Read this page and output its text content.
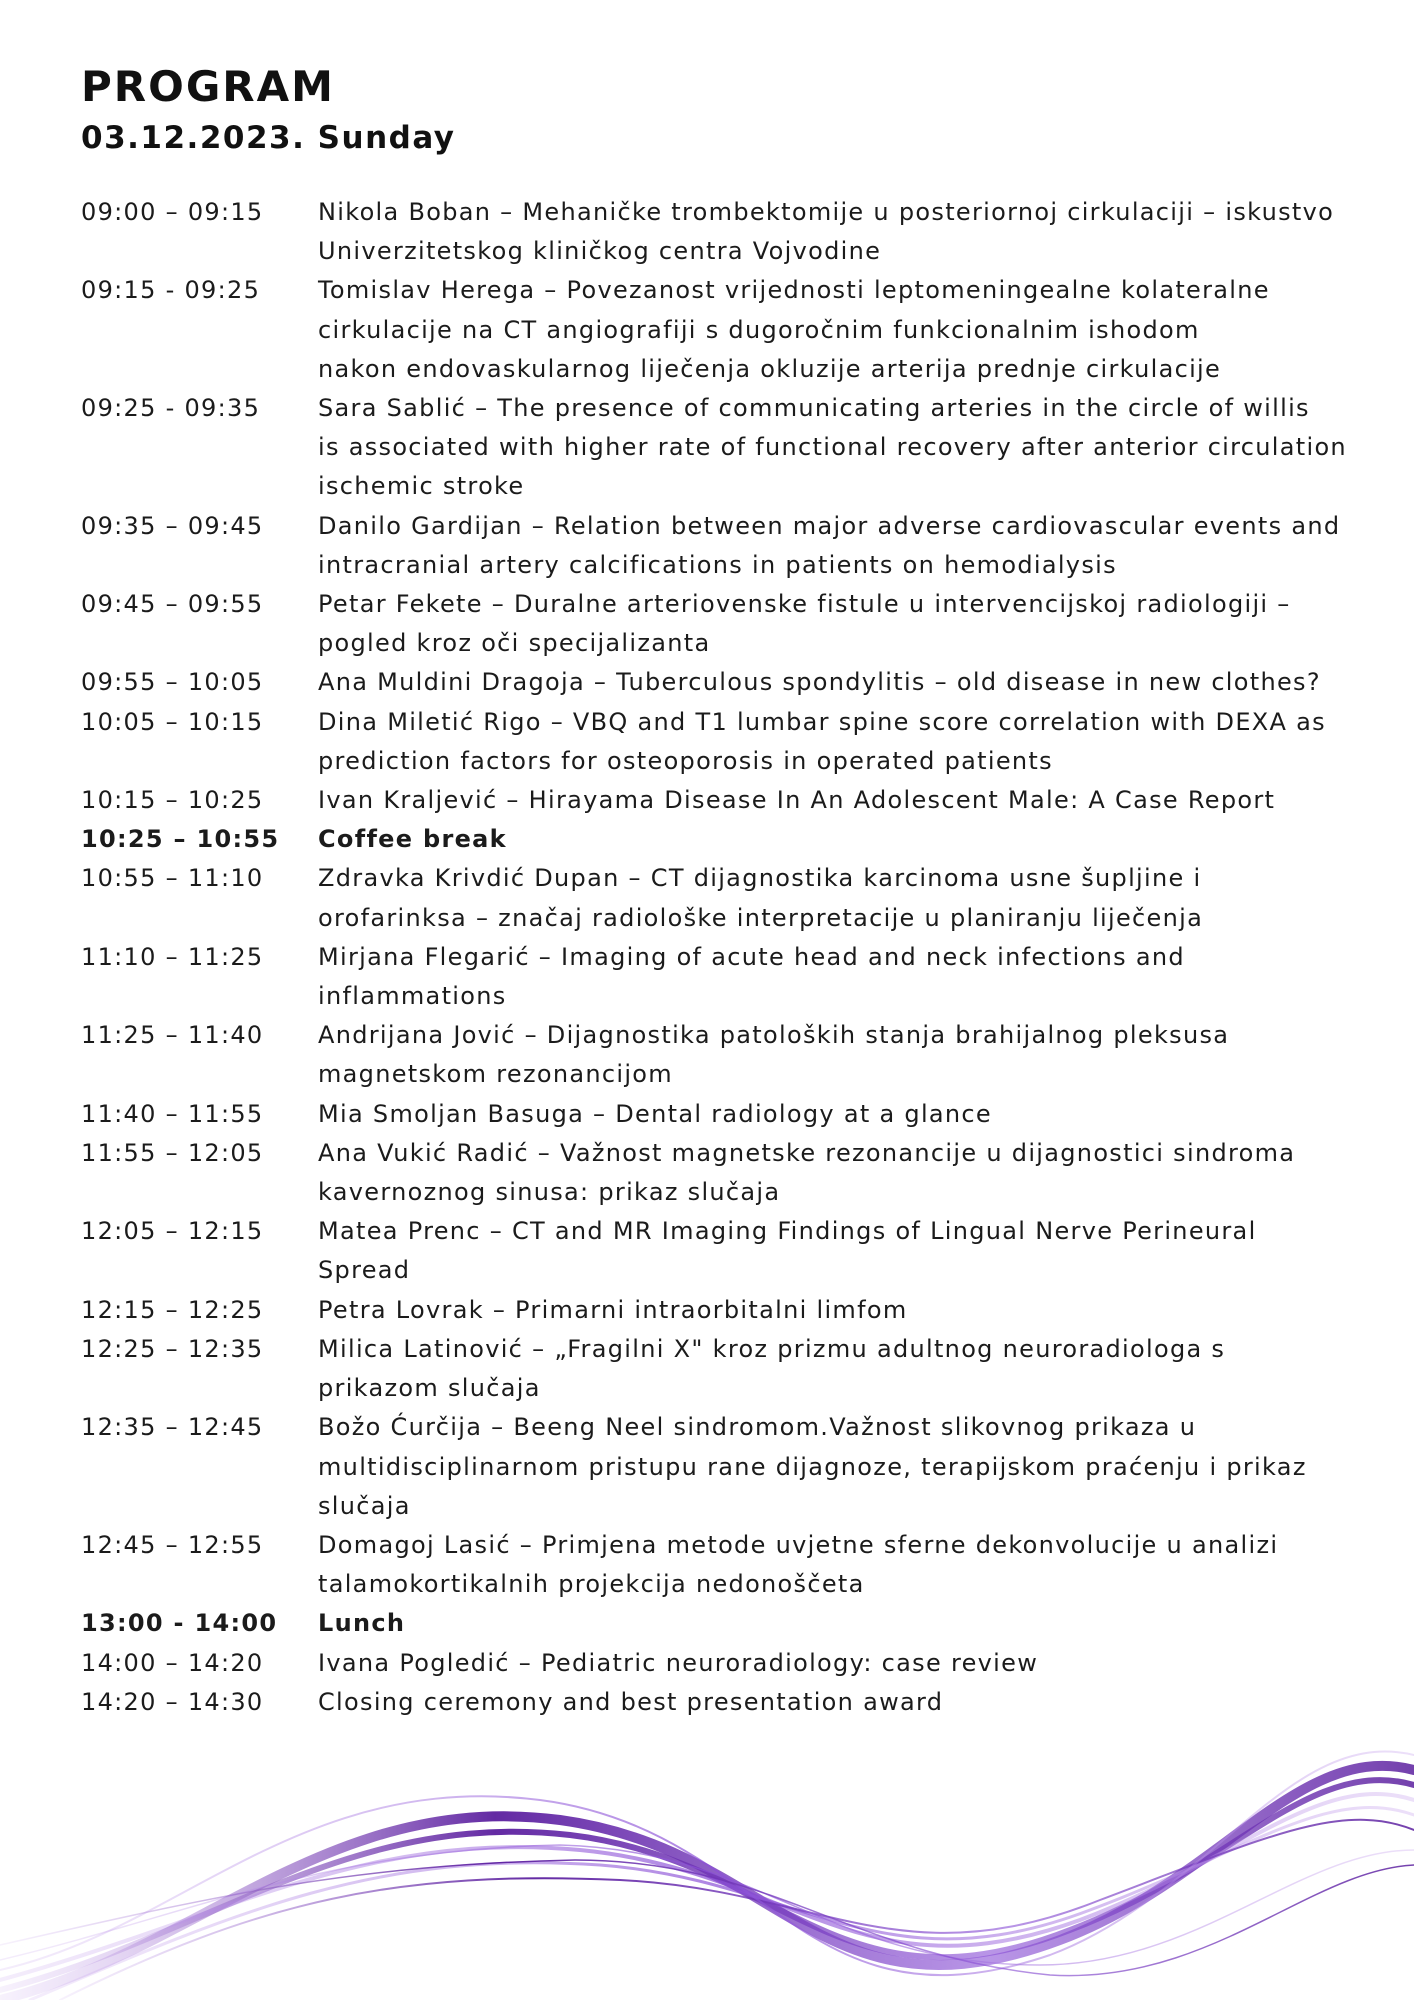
PROGRAM
03.12.2023. Sunday
09:00 – 09:15	Nikola Boban – Mehaničke trombektomije u posteriornoj cirkulaciji – iskustvo
Univerzitetskog kliničkog centra Vojvodine
09:15 - 09:25	Tomislav Herega – Povezanost vrijednosti leptomeningealne kolateralne
cirkulacije na CT angiografiji s dugoročnim funkcionalnim ishodom
nakon endovaskularnog liječenja okluzije arterija prednje cirkulacije
09:25 - 09:35	Sara Sablić – The presence of communicating arteries in the circle of willis
is associated with higher rate of functional recovery after anterior circulation
ischemic stroke
09:35 – 09:45	Danilo Gardijan – Relation between major adverse cardiovascular events and
intracranial artery calcifications in patients on hemodialysis
09:45 – 09:55	Petar Fekete – Duralne arteriovenske fistule u intervencijskoj radiologiji –
pogled kroz oči specijalizanta
09:55 – 10:05	Ana Muldini Dragoja – Tuberculous spondylitis – old disease in new clothes?
10:05 – 10:15	Dina Miletić Rigo – VBQ and T1 lumbar spine score correlation with DEXA as
prediction factors for osteoporosis in operated patients
10:15 – 10:25	Ivan Kraljević – Hirayama Disease In An Adolescent Male: A Case Report
10:25 – 10:55	Coffee break
10:55 – 11:10	Zdravka Krivdić Dupan – CT dijagnostika karcinoma usne šupljine i
orofarinksa – značaj radiološke interpretacije u planiranju liječenja
11:10 – 11:25	Mirjana Flegarić – Imaging of acute head and neck infections and
inflammations
11:25 – 11:40	Andrijana Jović – Dijagnostika patoloških stanja brahijalnog pleksusa
magnetskom rezonancijom
11:40 – 11:55	Mia Smoljan Basuga – Dental radiology at a glance
11:55 – 12:05	Ana Vukić Radić – Važnost magnetske rezonancije u dijagnostici sindroma
kavernoznog sinusa: prikaz slučaja
12:05 – 12:15	Matea Prenc – CT and MR Imaging Findings of Lingual Nerve Perineural
Spread
12:15 – 12:25	Petra Lovrak – Primarni intraorbitalni limfom
12:25 – 12:35	Milica Latinović – „Fragilni X" kroz prizmu adultnog neuroradiologa s
prikazom slučaja
12:35 – 12:45	Božo Ćurčija – Beeng Neel sindromom.Važnost slikovnog prikaza u
multidisciplinarnom pristupu rane dijagnoze, terapijskom praćenju i prikaz
slučaja
12:45 – 12:55	Domagoj Lasić – Primjena metode uvjetne sferne dekonvolucije u analizi
talamokortikalnih projekcija nedonoščeta
13:00 - 14:00	Lunch
14:00 – 14:20	Ivana Pogledić – Pediatric neuroradiology: case review
14:20 – 14:30	Closing ceremony and best presentation award
